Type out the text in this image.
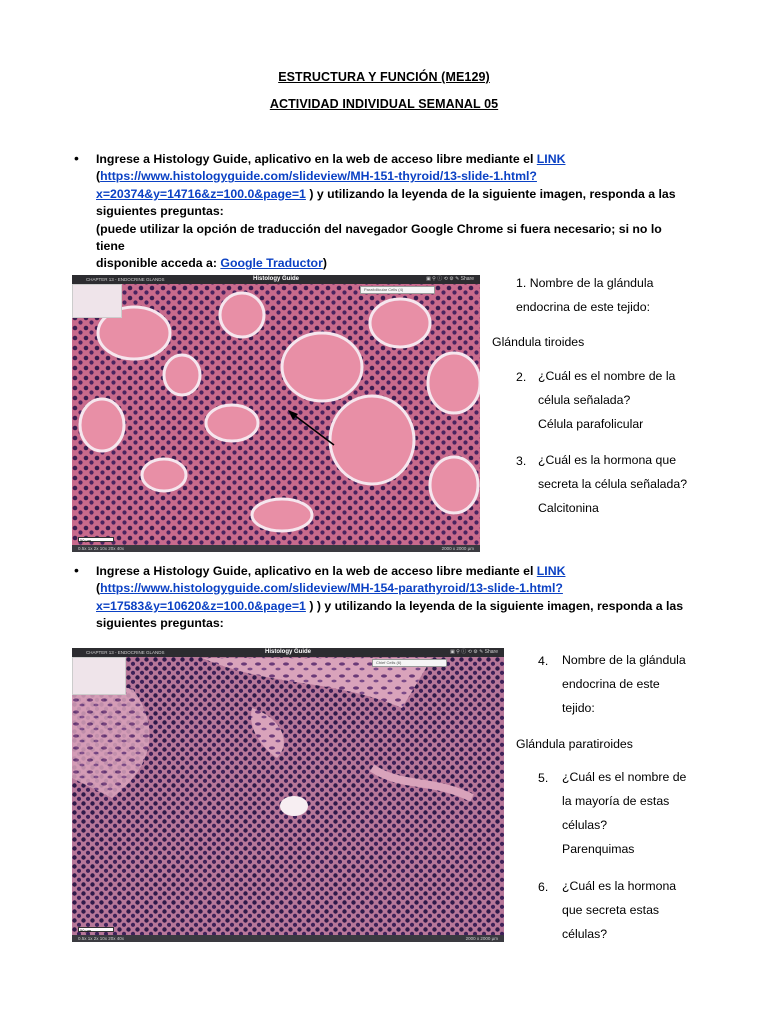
ESTRUCTURA Y FUNCIÓN (ME129)
ACTIVIDAD INDIVIDUAL SEMANAL 05
• Ingrese a Histology Guide, aplicativo en la web de acceso libre mediante el LINK
(https://www.histologyguide.com/slideview/MH-151-thyroid/13-slide-1.html?
x=20374&y=14716&z=100.0&page=1 ) y utilizando la leyenda de la siguiente imagen, responda a las
siguientes preguntas:
(puede utilizar la opción de traducción del navegador Google Chrome si fuera necesario; si no lo tiene
disponible acceda a: Google Traductor)
CHAPTER 13 - ENDOCRINE GLANDS	Histology Guide	▣ ⚲ ⓘ ⟲ ⚙ ✎ Share
Parafollicular Cells (4)
50 µm
0.5x 1x 2x 10x 20x 40x	2000 x 2000 µm
1. Nombre de la glándula
endocrina de este tejido:
Glándula tiroides
2. ¿Cuál es el nombre de la
célula señalada?
Célula parafolicular
3. ¿Cuál es la hormona que
secreta la célula señalada?
Calcitonina
• Ingrese a Histology Guide, aplicativo en la web de acceso libre mediante el LINK
(https://www.histologyguide.com/slideview/MH-154-parathyroid/13-slide-1.html?
x=17583&y=10620&z=100.0&page=1 ) ) y utilizando la leyenda de la siguiente imagen, responda a las
siguientes preguntas:
CHAPTER 13 - ENDOCRINE GLANDS	Histology Guide	▣ ⚲ ⓘ ⟲ ⚙ ✎ Share
Chief Cells (6)
50 µm
0.5x 1x 2x 10x 20x 40x	2000 x 2000 µm
4. Nombre de la glándula
endocrina de este
tejido:
Glándula paratiroides
5. ¿Cuál es el nombre de
la mayoría de estas
células?
Parenquimas
6. ¿Cuál es la hormona
que secreta estas
células?
